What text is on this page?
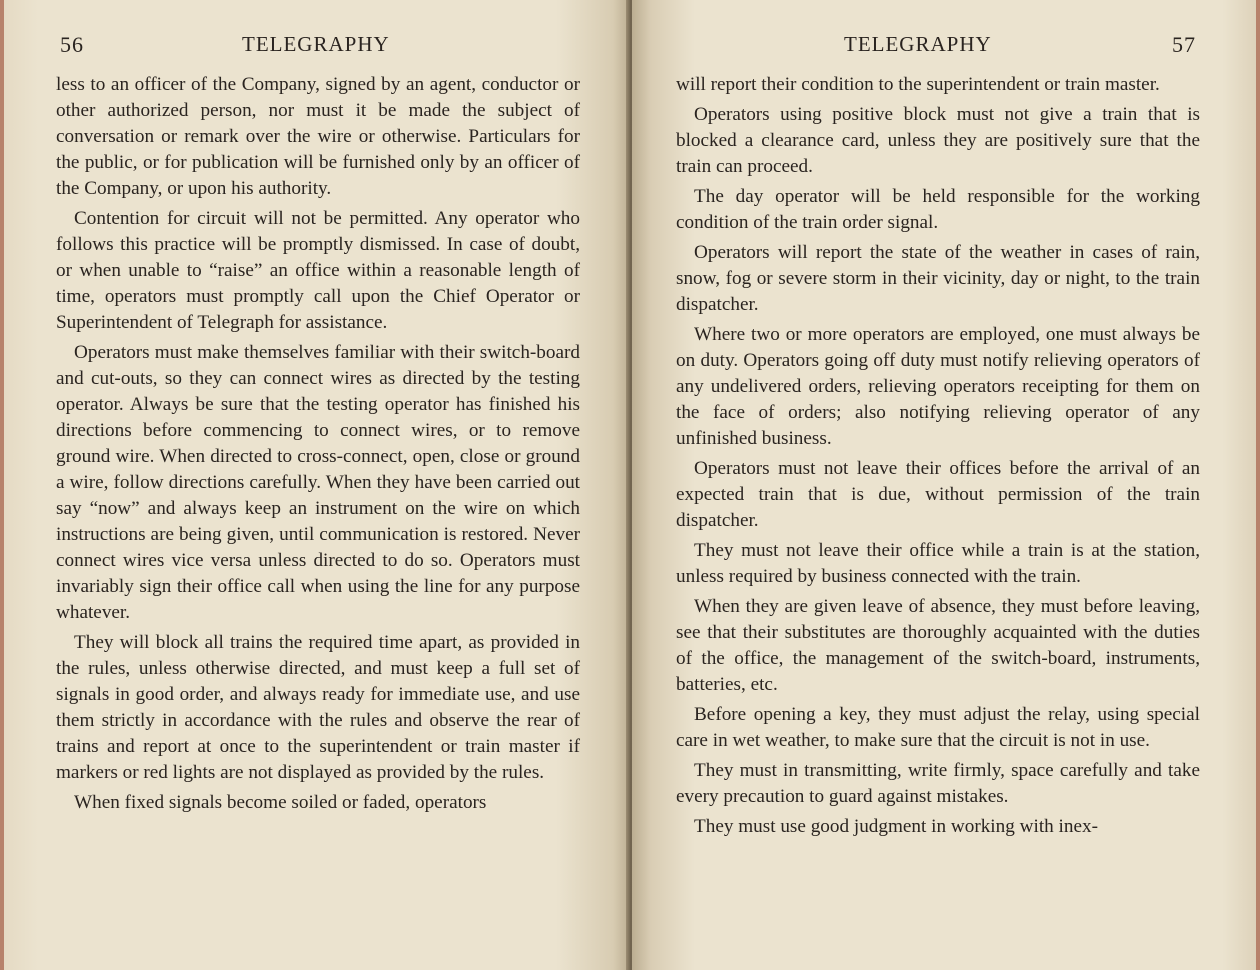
56	TELEGRAPHY

less to an officer of the Company, signed by an agent, conductor or other authorized person, nor must it be made the subject of conversation or remark over the wire or otherwise. Particulars for the public, or for publication will be furnished only by an officer of the Company, or upon his authority.

Contention for circuit will not be permitted. Any operator who follows this practice will be promptly dismissed. In case of doubt, or when unable to “raise” an office within a reasonable length of time, operators must promptly call upon the Chief Operator or Superintendent of Telegraph for assistance.

Operators must make themselves familiar with their switch-board and cut-outs, so they can connect wires as directed by the testing operator. Always be sure that the testing operator has finished his directions before commencing to connect wires, or to remove ground wire. When directed to cross-connect, open, close or ground a wire, follow directions carefully. When they have been carried out say “now” and always keep an instrument on the wire on which instructions are being given, until communication is restored. Never connect wires vice versa unless directed to do so. Operators must invariably sign their office call when using the line for any purpose whatever.

They will block all trains the required time apart, as provided in the rules, unless otherwise directed, and must keep a full set of signals in good order, and always ready for immediate use, and use them strictly in accordance with the rules and observe the rear of trains and report at once to the superintendent or train master if markers or red lights are not displayed as provided by the rules.

When fixed signals become soiled or faded, operators

TELEGRAPHY	57

will report their condition to the superintendent or train master.

Operators using positive block must not give a train that is blocked a clearance card, unless they are positively sure that the train can proceed.

The day operator will be held responsible for the working condition of the train order signal.

Operators will report the state of the weather in cases of rain, snow, fog or severe storm in their vicinity, day or night, to the train dispatcher.

Where two or more operators are employed, one must always be on duty. Operators going off duty must notify relieving operators of any undelivered orders, relieving operators receipting for them on the face of orders; also notifying relieving operator of any unfinished business.

Operators must not leave their offices before the arrival of an expected train that is due, without permission of the train dispatcher.

They must not leave their office while a train is at the station, unless required by business connected with the train.

When they are given leave of absence, they must before leaving, see that their substitutes are thoroughly acquainted with the duties of the office, the management of the switch-board, instruments, batteries, etc.

Before opening a key, they must adjust the relay, using special care in wet weather, to make sure that the circuit is not in use.

They must in transmitting, write firmly, space carefully and take every precaution to guard against mistakes.

They must use good judgment in working with inex-
